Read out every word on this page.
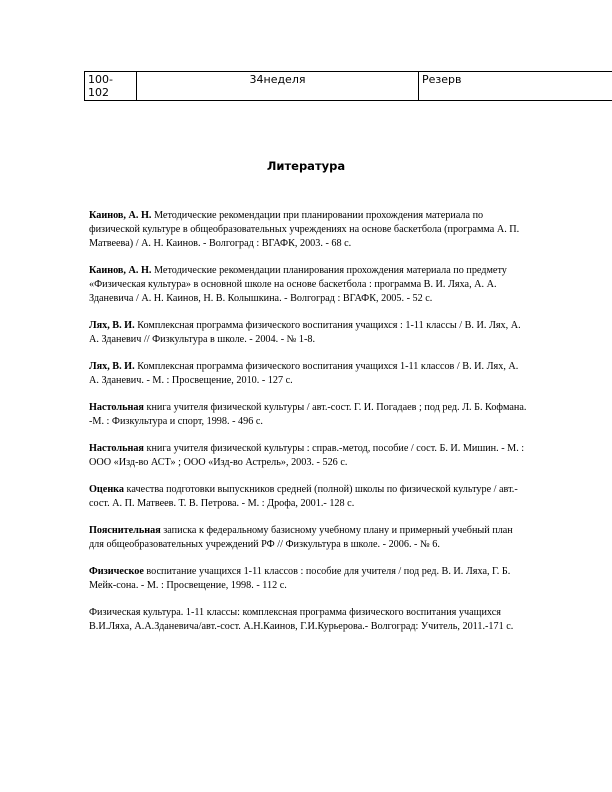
100-102	34неделя	Резерв
Литература
Каинов, А. Н. Методические рекомендации при планировании прохождения материала по физической культуре в общеобразовательных учреждениях на основе баскетбола (программа А. П. Матвеева) / А. Н. Каинов. - Волгоград : ВГАФК, 2003. - 68 с.
Каинов, А. Н. Методические рекомендации планирования прохождения материала по предмету «Физическая культура» в основной школе на основе баскетбола : программа В. И. Ляха, А. А. Зданевича / А. Н. Каинов, Н. В. Колышкина. - Волгоград : ВГАФК, 2005. - 52 с.
Лях, В. И. Комплексная программа физического воспитания учащихся : 1-11 классы / В. И. Лях, А. А. Зданевич // Физкультура в школе. - 2004. - № 1-8.
Лях, В. И. Комплексная программа физического воспитания учащихся 1-11 классов / В. И. Лях, А. А. Зданевич. - М. : Просвещение, 2010. - 127 с.
Настольная книга учителя физической культуры / авт.-сост. Г. И. Погадаев ; под ред. Л. Б. Кофмана. -М. : Физкультура и спорт, 1998. - 496 с.
Настольная книга учителя физической культуры : справ.-метод, пособие / сост. Б. И. Мишин. - М. : ООО «Изд-во АСТ» ; ООО «Изд-во Астрель», 2003. - 526 с.
Оценка качества подготовки выпускников средней (полной) школы по физической культуре / авт.-сост. А. П. Матвеев. Т. В. Петрова. - М. : Дрофа, 2001.- 128 с.
Пояснительная записка к федеральному базисному учебному плану и примерный учебный план для общеобразовательных учреждений РФ // Физкультура в школе. - 2006. - № 6.
Физическое воспитание учащихся 1-11 классов : пособие для учителя / под ред. В. И. Ляха, Г. Б. Мейк-сона. - М. : Просвещение, 1998. - 112 с.
Физическая культура. 1-11 классы: комплексная программа физического воспитания учащихся В.И.Ляха, А.А.Зданевича/авт.-сост. А.Н.Каинов, Г.И.Курьерова.- Волгоград: Учитель, 2011.-171 с.
